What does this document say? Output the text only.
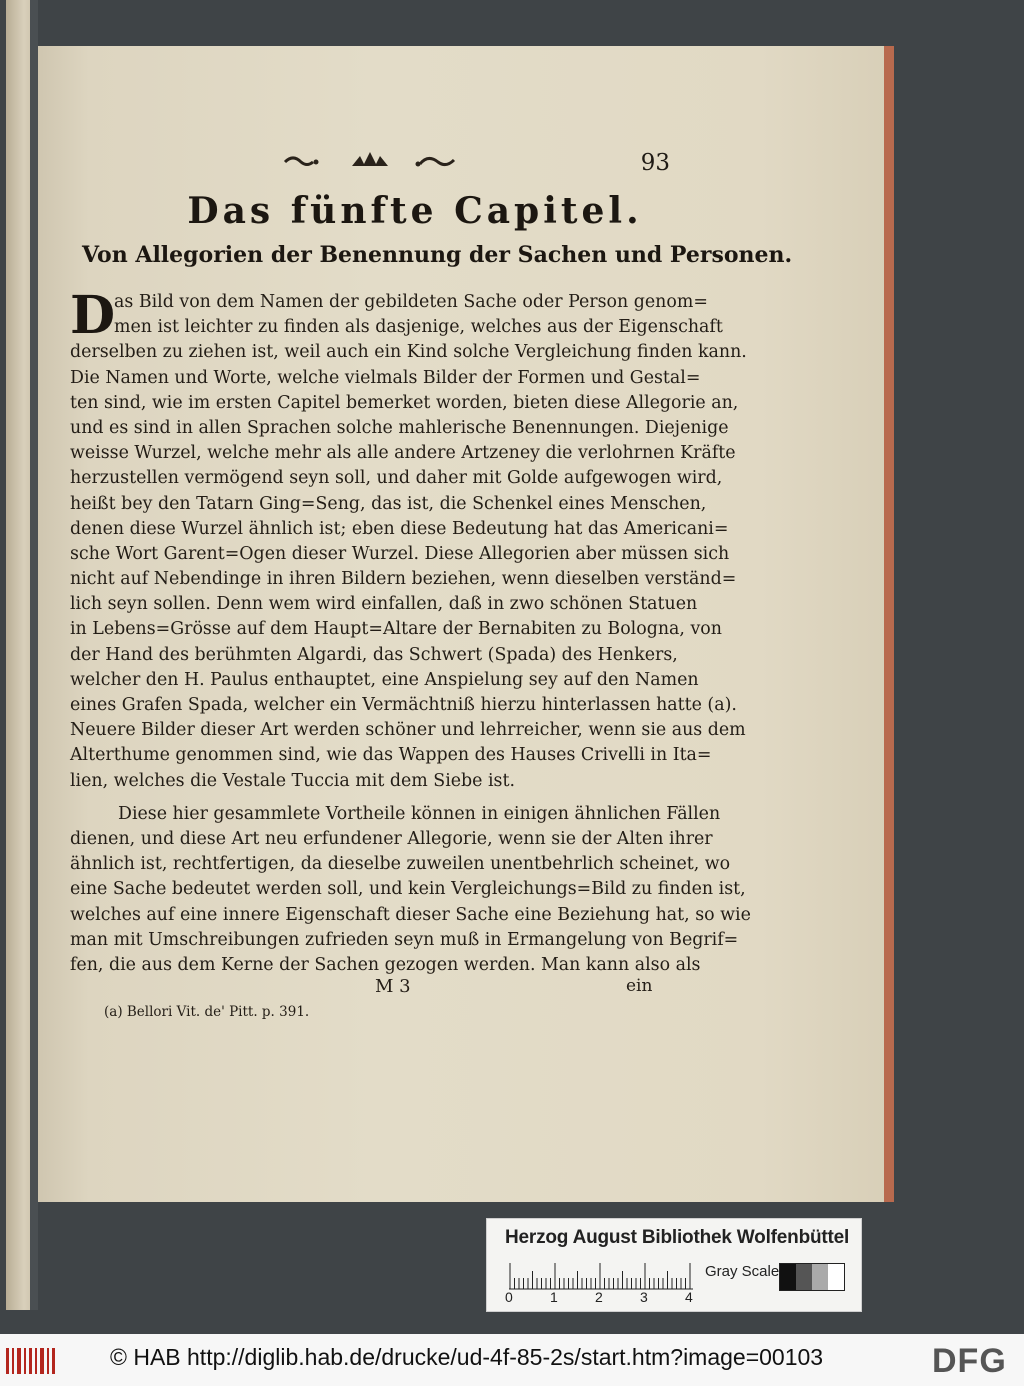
93
Das fünfte Capitel.
Von Allegorien der Benennung der Sachen und Personen.
D
as Bild von dem Namen der gebildeten Sache oder Person genom=
men ist leichter zu finden als dasjenige, welches aus der Eigenschaft
derselben zu ziehen ist, weil auch ein Kind solche Vergleichung finden kann.
Die Namen und Worte, welche vielmals Bilder der Formen und Gestal=
ten sind, wie im ersten Capitel bemerket worden, bieten diese Allegorie an,
und es sind in allen Sprachen solche mahlerische Benennungen. Diejenige
weisse Wurzel, welche mehr als alle andere Artzeney die verlohrnen Kräfte
herzustellen vermögend seyn soll, und daher mit Golde aufgewogen wird,
heißt bey den Tatarn Ging=Seng, das ist, die Schenkel eines Menschen,
denen diese Wurzel ähnlich ist; eben diese Bedeutung hat das Americani=
sche Wort Garent=Ogen dieser Wurzel. Diese Allegorien aber müssen sich
nicht auf Nebendinge in ihren Bildern beziehen, wenn dieselben verständ=
lich seyn sollen. Denn wem wird einfallen, daß in zwo schönen Statuen
in Lebens=Grösse auf dem Haupt=Altare der Bernabiten zu Bologna, von
der Hand des berühmten Algardi, das Schwert (Spada) des Henkers,
welcher den H. Paulus enthauptet, eine Anspielung sey auf den Namen
eines Grafen Spada, welcher ein Vermächtniß hierzu hinterlassen hatte (a).
Neuere Bilder dieser Art werden schöner und lehrreicher, wenn sie aus dem
Alterthume genommen sind, wie das Wappen des Hauses Crivelli in Ita=
lien, welches die Vestale Tuccia mit dem Siebe ist.
Diese hier gesammlete Vortheile können in einigen ähnlichen Fällen
dienen, und diese Art neu erfundener Allegorie, wenn sie der Alten ihrer
ähnlich ist, rechtfertigen, da dieselbe zuweilen unentbehrlich scheinet, wo
eine Sache bedeutet werden soll, und kein Vergleichungs=Bild zu finden ist,
welches auf eine innere Eigenschaft dieser Sache eine Beziehung hat, so wie
man mit Umschreibungen zufrieden seyn muß in Ermangelung von Begrif=
fen, die aus dem Kerne der Sachen gezogen werden. Man kann also als
M 3	ein
(a) Bellori Vit. de' Pitt. p. 391.
Herzog August Bibliothek Wolfenbüttel
0	1	2	3	4
Gray Scale
© HAB http://diglib.hab.de/drucke/ud-4f-85-2s/start.htm?image=00103	DFG
